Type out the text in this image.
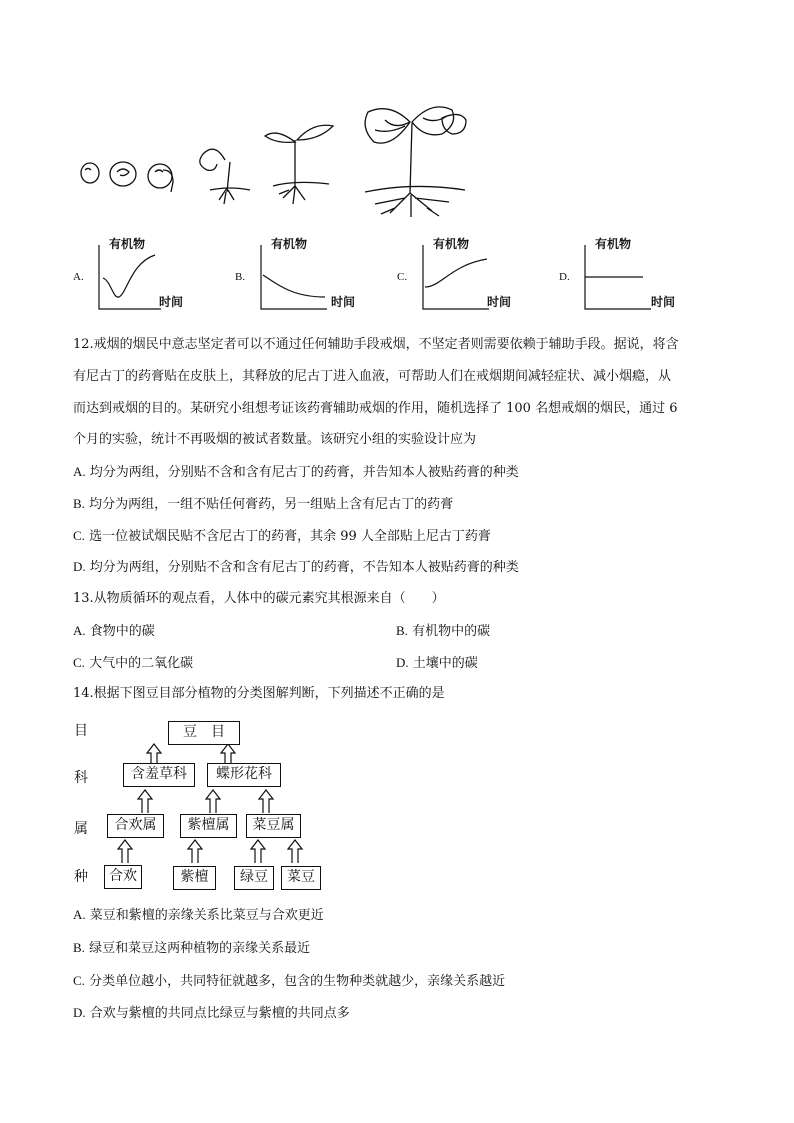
A.
有机物
时间
B.
有机物
时间
C.
有机物
时间
D.
有机物
时间
12.戒烟的烟民中意志坚定者可以不通过任何辅助手段戒烟，不坚定者则需要依赖于辅助手段。据说，将含
有尼古丁的药膏贴在皮肤上，其释放的尼古丁进入血液，可帮助人们在戒烟期间减轻症状、减小烟瘾，从
而达到戒烟的目的。某研究小组想考证该药膏辅助戒烟的作用，随机选择了 100 名想戒烟的烟民，通过 6
个月的实验，统计不再吸烟的被试者数量。该研究小组的实验设计应为
A. 均分为两组，分别贴不含和含有尼古丁的药膏，并告知本人被贴药膏的种类
B. 均分为两组，一组不贴任何膏药，另一组贴上含有尼古丁的药膏
C. 选一位被试烟民贴不含尼古丁的药膏，其余 99 人全部贴上尼古丁药膏
D. 均分为两组，分别贴不含和含有尼古丁的药膏，不告知本人被贴药膏的种类
13.从物质循环的观点看，人体中的碳元素究其根源来自（　　）
A. 食物中的碳	B. 有机物中的碳
C. 大气中的二氧化碳	D. 土壤中的碳
14.根据下图豆目部分植物的分类图解判断，下列描述不正确的是
目
科
属
种
豆　目
含羞草科	蝶形花科
合欢属	紫檀属	菜豆属
合欢	紫檀	绿豆	菜豆
A. 菜豆和紫檀的亲缘关系比菜豆与合欢更近
B. 绿豆和菜豆这两种植物的亲缘关系最近
C. 分类单位越小，共同特征就越多，包含的生物种类就越少，亲缘关系越近
D. 合欢与紫檀的共同点比绿豆与紫檀的共同点多
